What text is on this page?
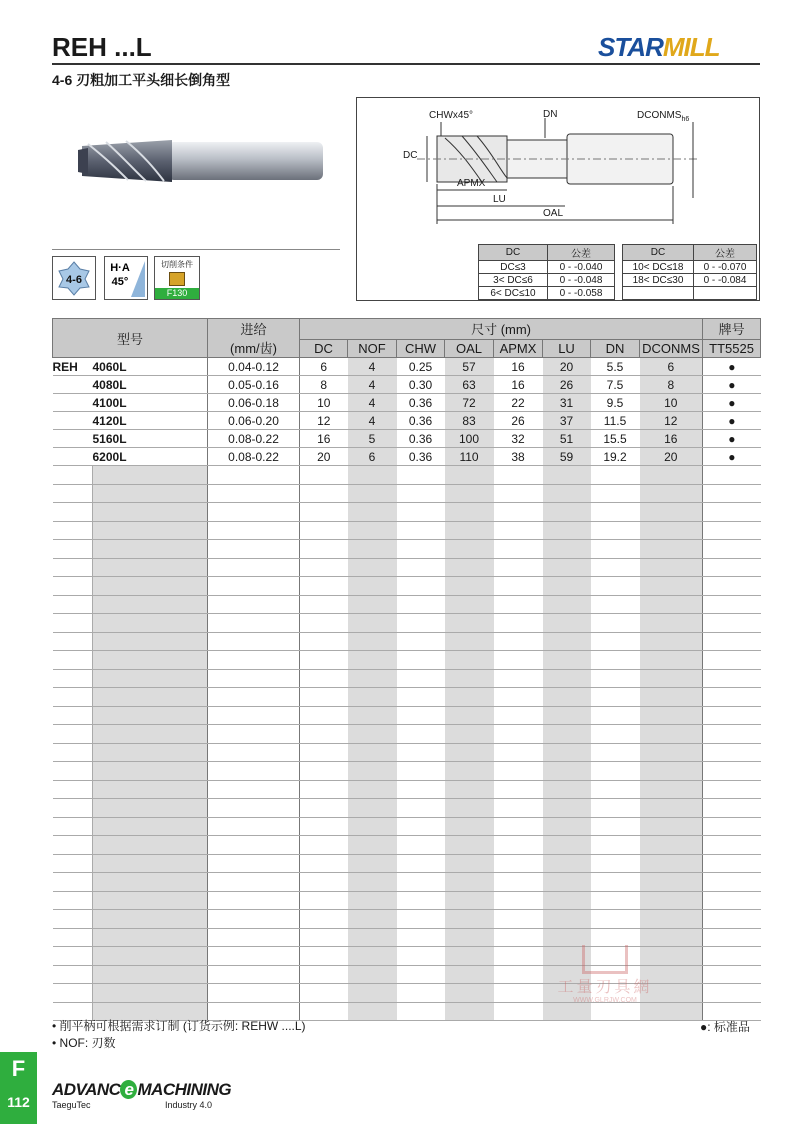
REH ...L
4-6 刃粗加工平头细长倒角型
STARMILL
4-6
H·A
45°
切削条件
F130
CHWx45°	DN	$DCONMS_{h6}$
DC
APMX
LU
OAL
DC	公差
DC≤3	0 - -0.040
3< DC≤6	0 - -0.048
6< DC≤10	0 - -0.058
DC	公差
10< DC≤18	0 - -0.070
18< DC≤30	0 - -0.084

型号		进给
(mm/齿)	尺寸 (mm)								牌号
			DC	NOF	CHW	OAL	APMX	LU	DN	DCONMS	TT5525
REH	4060L	0.04-0.12	6	4	0.25	57	16	20	5.5	6	●
	4080L	0.05-0.16	8	4	0.30	63	16	26	7.5	8	●
	4100L	0.06-0.18	10	4	0.36	72	22	31	9.5	10	●
	4120L	0.06-0.20	12	4	0.36	83	26	37	11.5	12	●
	5160L	0.08-0.22	16	5	0.36	100	32	51	15.5	16	●
	6200L	0.08-0.22	20	6	0.36	110	38	59	19.2	20	●

• 削平柄可根据需求订制 (订货示例: REHW ....L)
• NOF: 刃数
●: 标准品
工量刃具網
WWW.GLRJW.COM
F
112
ADVANC e MACHINING
TaeguTec	Industry 4.0
